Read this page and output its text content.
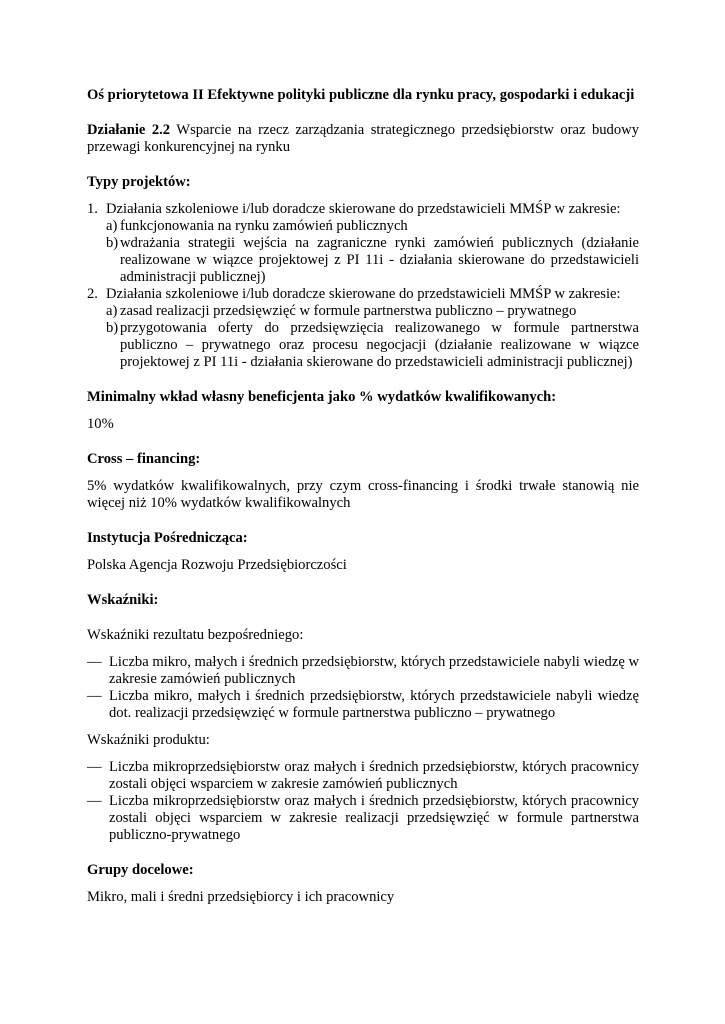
Oś priorytetowa II Efektywne polityki publiczne dla rynku pracy, gospodarki i edukacji

Działanie 2.2 Wsparcie na rzecz zarządzania strategicznego przedsiębiorstw oraz budowy przewagi konkurencyjnej na rynku

Typy projektów:

1. Działania szkoleniowe i/lub doradcze skierowane do przedstawicieli MMŚP w zakresie:
a) funkcjonowania na rynku zamówień publicznych
b) wdrażania strategii wejścia na zagraniczne rynki zamówień publicznych (działanie realizowane w wiązce projektowej z PI 11i - działania skierowane do przedstawicieli administracji publicznej)
2. Działania szkoleniowe i/lub doradcze skierowane do przedstawicieli MMŚP w zakresie:
a) zasad realizacji przedsięwzięć w formule partnerstwa publiczno – prywatnego
b) przygotowania oferty do przedsięwzięcia realizowanego w formule partnerstwa publiczno – prywatnego oraz procesu negocjacji (działanie realizowane w wiązce projektowej z PI 11i - działania skierowane do przedstawicieli administracji publicznej)

Minimalny wkład własny beneficjenta jako % wydatków kwalifikowanych:

10%

Cross – financing:

5% wydatków kwalifikowalnych, przy czym cross-financing i środki trwałe stanowią nie więcej niż 10% wydatków kwalifikowalnych

Instytucja Pośrednicząca:

Polska Agencja Rozwoju Przedsiębiorczości

Wskaźniki:

Wskaźniki rezultatu bezpośredniego:

— Liczba mikro, małych i średnich przedsiębiorstw, których przedstawiciele nabyli wiedzę w zakresie zamówień publicznych
— Liczba mikro, małych i średnich przedsiębiorstw, których przedstawiciele nabyli wiedzę dot. realizacji przedsięwzięć w formule partnerstwa publiczno – prywatnego

Wskaźniki produktu:

— Liczba mikroprzedsiębiorstw oraz małych i średnich przedsiębiorstw, których pracownicy zostali objęci wsparciem w zakresie zamówień publicznych
— Liczba mikroprzedsiębiorstw oraz małych i średnich przedsiębiorstw, których pracownicy zostali objęci wsparciem w zakresie realizacji przedsięwzięć w formule partnerstwa publiczno-prywatnego

Grupy docelowe:

Mikro, mali i średni przedsiębiorcy i ich pracownicy
